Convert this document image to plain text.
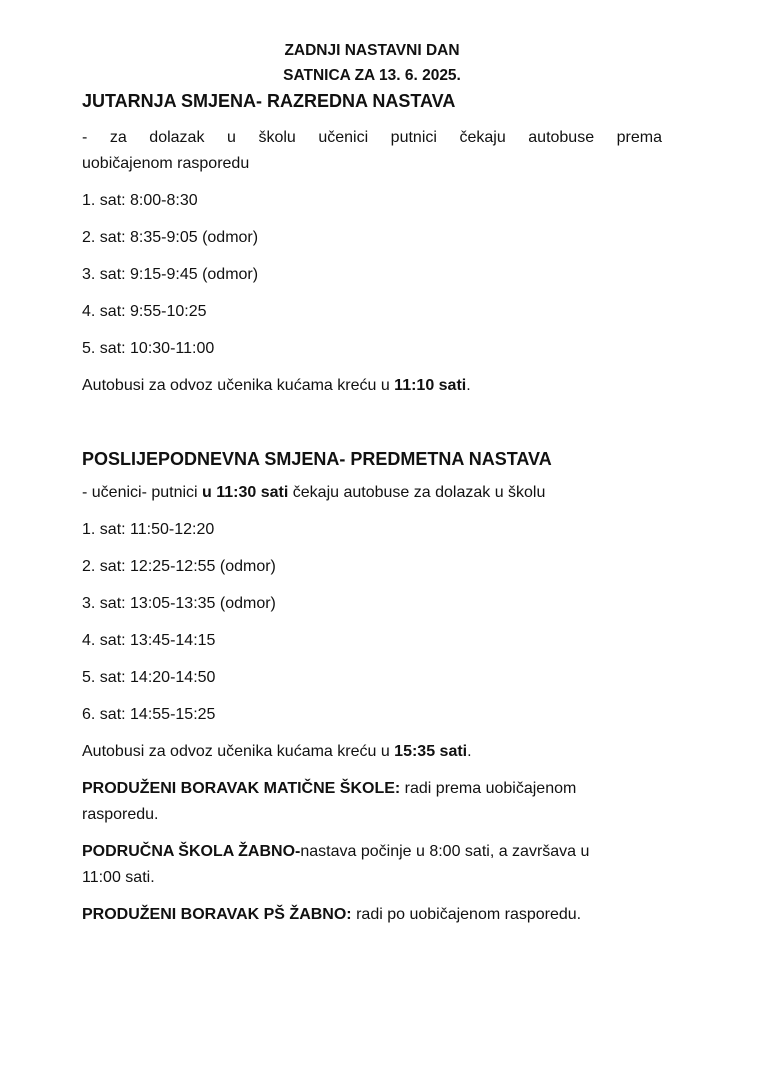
ZADNJI NASTAVNI DAN
SATNICA ZA 13. 6. 2025.

JUTARNJA SMJENA- RAZREDNA NASTAVA

- za dolazak u školu učenici putnici čekaju autobuse prema
uobičajenom rasporedu

1. sat: 8:00-8:30

2. sat: 8:35-9:05 (odmor)

3. sat: 9:15-9:45 (odmor)

4. sat: 9:55-10:25

5. sat: 10:30-11:00

Autobusi za odvoz učenika kućama kreću u 11:10 sati.

POSLIJEPODNEVNA SMJENA- PREDMETNA NASTAVA

- učenici- putnici u 11:30 sati čekaju autobuse za dolazak u školu

1. sat: 11:50-12:20

2. sat: 12:25-12:55 (odmor)

3. sat: 13:05-13:35 (odmor)

4. sat: 13:45-14:15

5. sat: 14:20-14:50

6. sat: 14:55-15:25

Autobusi za odvoz učenika kućama kreću u 15:35 sati.

PRODUŽENI BORAVAK MATIČNE ŠKOLE: radi prema uobičajenom
rasporedu.

PODRUČNA ŠKOLA ŽABNO-nastava počinje u 8:00 sati, a završava u
11:00 sati.

PRODUŽENI BORAVAK PŠ ŽABNO: radi po uobičajenom rasporedu.
